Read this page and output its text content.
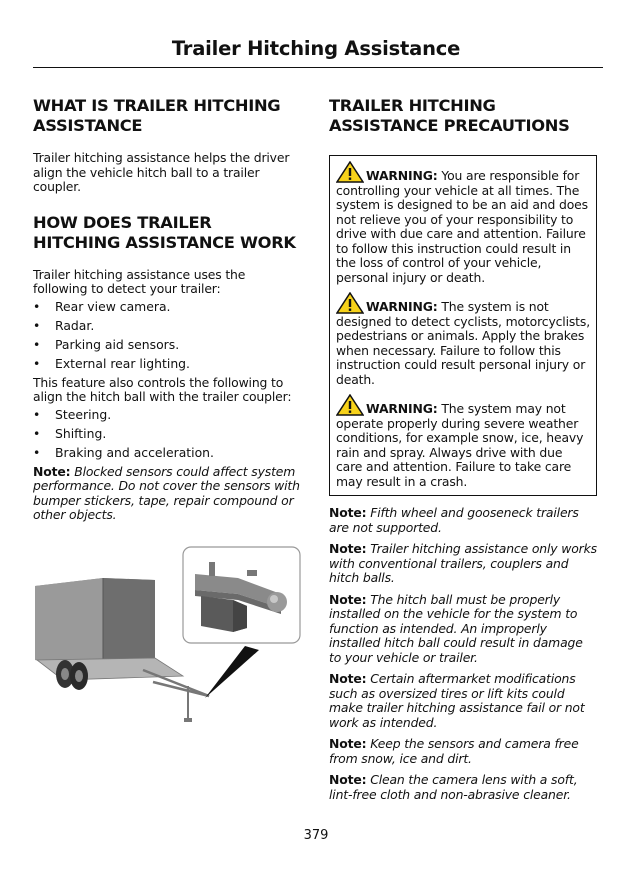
Trailer Hitching Assistance
WHAT IS TRAILER HITCHING ASSISTANCE

Trailer hitching assistance helps the driver align the vehicle hitch ball to a trailer coupler.

HOW DOES TRAILER HITCHING ASSISTANCE WORK

Trailer hitching assistance uses the following to detect your trailer:

• Rear view camera.
• Radar.
• Parking aid sensors.
• External rear lighting.

This feature also controls the following to align the hitch ball with the trailer coupler:

• Steering.
• Shifting.
• Braking and acceleration.

Note: Blocked sensors could affect system performance. Do not cover the sensors with bumper stickers, tape, repair compound or other objects.

TRAILER HITCHING ASSISTANCE PRECAUTIONS
WARNING: You are responsible for controlling your vehicle at all times. The system is designed to be an aid and does not relieve you of your responsibility to drive with due care and attention. Failure to follow this instruction could result in the loss of control of your vehicle, personal injury or death.
WARNING: The system is not designed to detect cyclists, motorcyclists, pedestrians or animals. Apply the brakes when necessary. Failure to follow this instruction could result personal injury or death.
WARNING: The system may not operate properly during severe weather conditions, for example snow, ice, heavy rain and spray. Always drive with due care and attention. Failure to take care may result in a crash.

Note: Fifth wheel and gooseneck trailers are not supported.

Note: Trailer hitching assistance only works with conventional trailers, couplers and hitch balls.

Note: The hitch ball must be properly installed on the vehicle for the system to function as intended. An improperly installed hitch ball could result in damage to your vehicle or trailer.

Note: Certain aftermarket modifications such as oversized tires or lift kits could make trailer hitching assistance fail or not work as intended.

Note: Keep the sensors and camera free from snow, ice and dirt.

Note: Clean the camera lens with a soft, lint-free cloth and non-abrasive cleaner.

379
